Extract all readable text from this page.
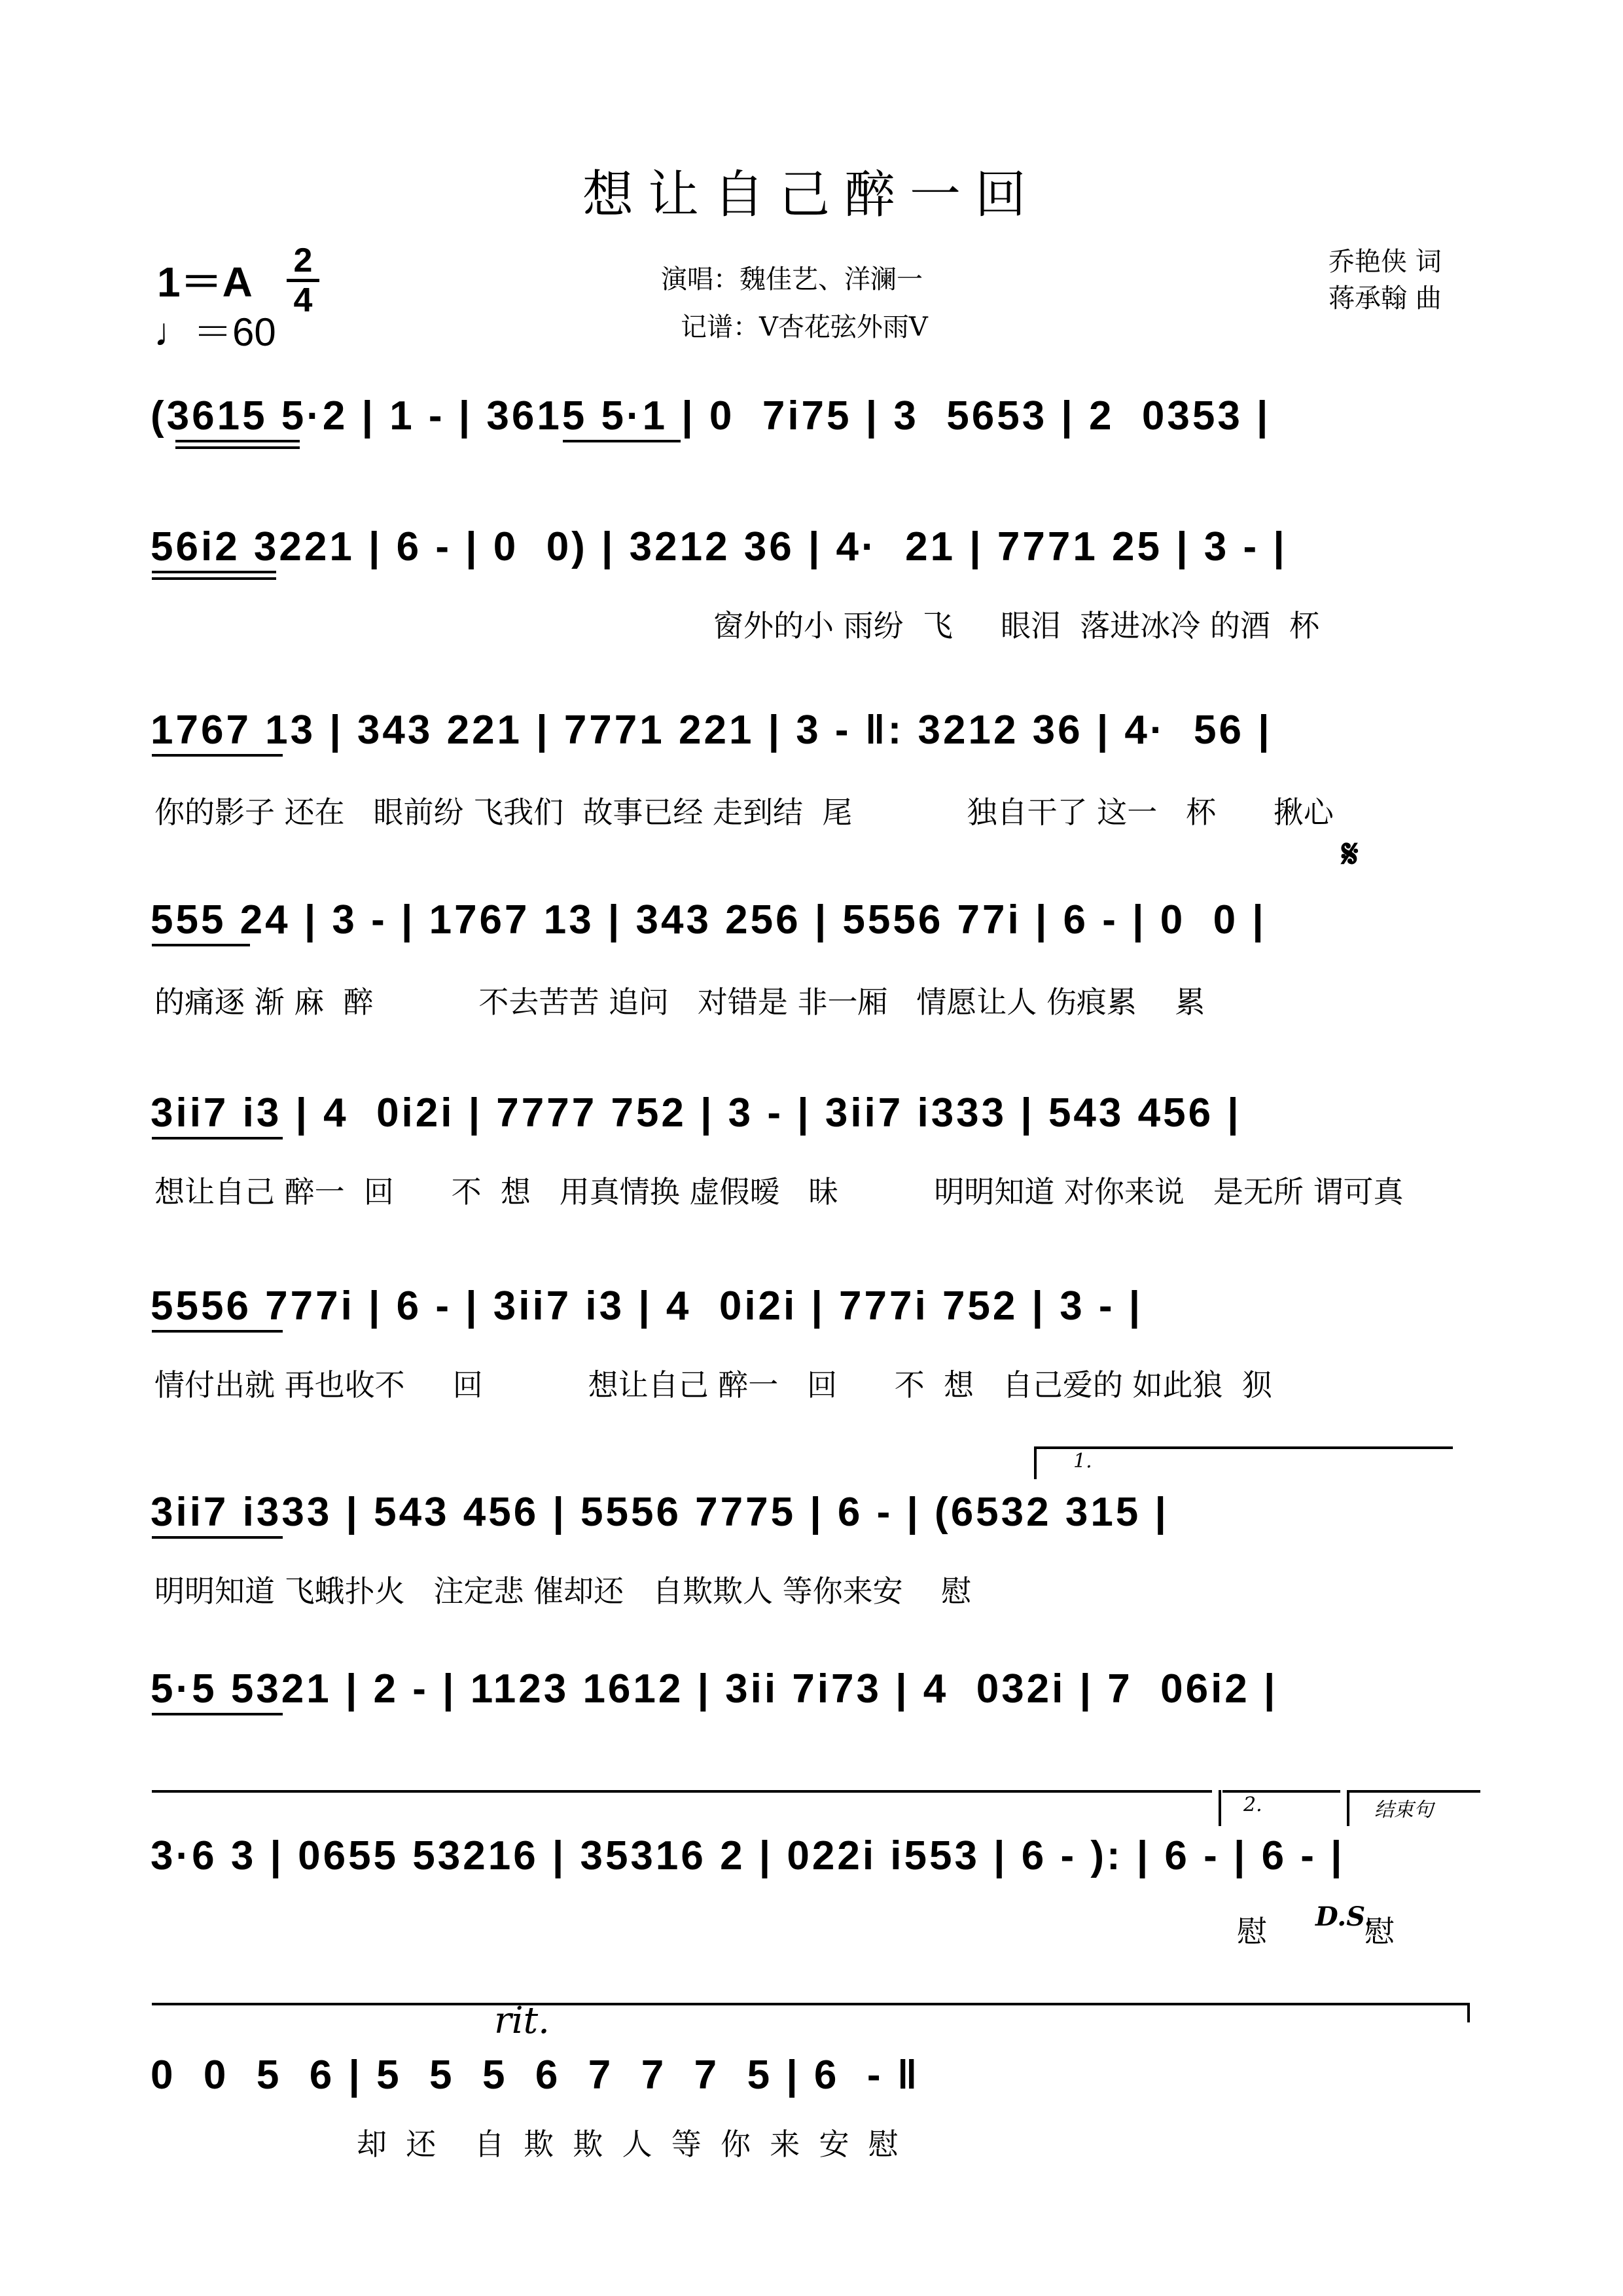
想让自己醉一回
1＝A 2
4
♩＝60
演唱：魏佳艺、洋澜一
记谱：V杏花弦外雨V
乔艳侠 词
蒋承翰 曲
(3615 5·2 | 1 - | 3615 5·1 | 0  7i75 | 3  5653 | 2  0353 |
56i2 3221 | 6 - | 0  0) | 3212 36 | 4·  21 | 7771 25 | 3 - |
窗外的小 雨纷  飞     眼泪  落进冰冷 的酒  杯
1767 13 | 343 221 | 7771 221 | 3 - ‖: 3212 36 | 4·  56 |
你的影子 还在   眼前纷 飞我们  故事已经 走到结  尾            独自干了 这一   杯      揪心
𝄋
555 24 | 3 - | 1767 13 | 343 256 | 5556 77i | 6 - | 0  0 |
的痛逐 渐 麻  醉           不去苦苦 追问   对错是 非一厢   情愿让人 伤痕累    累
3ii7 i3 | 4  0i2i | 7777 752 | 3 - | 3ii7 i333 | 543 456 |
想让自己 醉一  回      不  想   用真情换 虚假暧   昧          明明知道 对你来说   是无所 谓可真
5556 777i | 6 - | 3ii7 i3 | 4  0i2i | 777i 752 | 3 - |
情付出就 再也收不     回           想让自己 醉一   回      不  想   自己爱的 如此狼  狈
1.
3ii7 i333 | 543 456 | 5556 7775 | 6 - | (6532 315 |
明明知道 飞蛾扑火   注定悲 催却还   自欺欺人 等你来安    慰
5·5 5321 | 2 - | 1123 1612 | 3ii 7i73 | 4  032i | 7  06i2 |
2.	结束句
3·6 3 | 0655 53216 | 35316 2 | 022i i553 | 6 - ): | 6 - | 6 - |
慰 D.S.
慰
rit.
0  0  5  6 | 5  5  5  6  7  7  7  5 | 6  - ‖
却  还    自  欺  欺  人  等  你  来  安  慰
